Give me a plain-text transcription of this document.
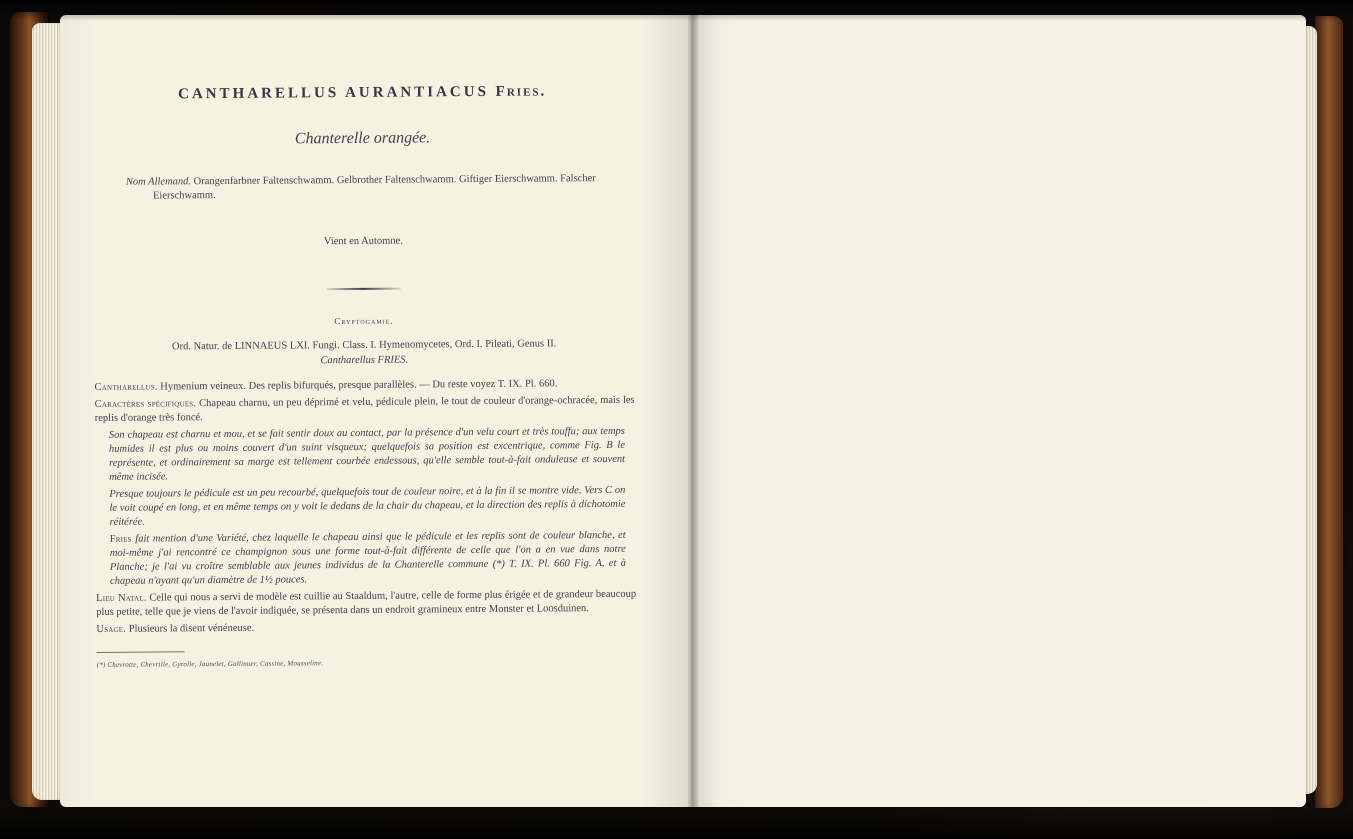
CANTHARELLUS AURANTIACUS Fries.
Chanterelle orangée.
Nom Allemand. Orangenfarbner Faltenschwamm. Gelbrother Faltenschwamm. Giftiger Eierschwamm. Falscher Eierschwamm.
Vient en Automne.
Cryptogamie.
Ord. Natur. de LINNAEUS LXI. Fungi. Class. I. Hymenomycetes, Ord. I. Pileati, Genus II.
Cantharellus FRIES.
Cantharellus. Hymenium veineux. Des replis bifurqués, presque parallèles. — Du reste voyez T. IX. Pl. 660.
Caractères spécifiques. Chapeau charnu, un peu déprimé et velu, pédicule plein, le tout de couleur d'orange-ochracée, mais les replis d'orange très foncé.
Son chapeau est charnu et mou, et se fait sentir doux au contact, par la présence d'un velu court et très touffu; aux temps humides il est plus ou moins couvert d'un suint visqueux; quelquefois sa position est excentrique, comme Fig. B le représente, et ordinairement sa marge est tellement courbée endessous, qu'elle semble tout-à-fait onduleuse et souvent même incisée.
Presque toujours le pédicule est un peu recourbé, quelquefois tout de couleur noire, et à la fin il se montre vide. Vers C on le voit coupé en long, et en même temps on y voit le dedans de la chair du chapeau, et la direction des replis à dichotomie réitérée.
Fries fait mention d'une Variété, chez laquelle le chapeau ainsi que le pédicule et les replis sont de couleur blanche, et moi-même j'ai rencontré ce champignon sous une forme tout-à-fait différente de celle que l'on a en vue dans notre Planche; je l'ai vu croître semblable aux jeunes individus de la Chanterelle commune (*) T. IX. Pl. 660 Fig. A, et à chapeau n'ayant qu'un diamètre de 1½ pouces.
Lieu Natal. Celle qui nous a servi de modèle est cuillie au Staaldum, l'autre, celle de forme plus érigée et de grandeur beaucoup plus petite, telle que je viens de l'avoir indiquée, se présenta dans un endroit gramineux entre Monster et Loosduinen.
Usage. Plusieurs la disent vénéneuse.
(*) Chevrotte, Chevrille, Gyrolle, Jaunelet, Gallinuer, Cassine, Mousseline.
